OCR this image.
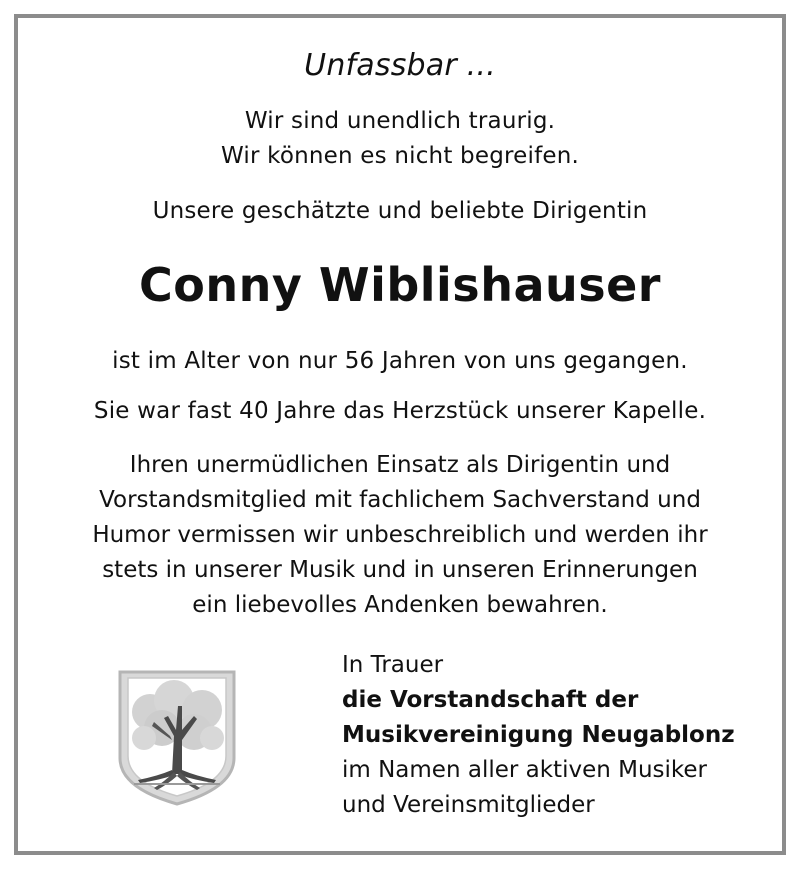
Unfassbar ...
Wir sind unendlich traurig.
Wir können es nicht begreifen.
Unsere geschätzte und beliebte Dirigentin
Conny Wiblishauser
ist im Alter von nur 56 Jahren von uns gegangen.
Sie war fast 40 Jahre das Herzstück unserer Kapelle.
Ihren unermüdlichen Einsatz als Dirigentin und
Vorstandsmitglied mit fachlichem Sachverstand und
Humor vermissen wir unbeschreiblich und werden ihr
stets in unserer Musik und in unseren Erinnerungen
ein liebevolles Andenken bewahren.
In Trauer
die Vorstandschaft der
Musikvereinigung Neugablonz
im Namen aller aktiven Musiker
und Vereinsmitglieder
